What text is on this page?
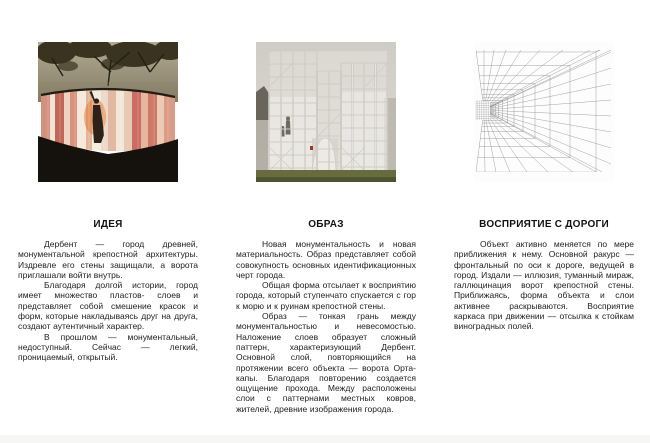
ИДЕЯ

Дербент — город древней, монументальной крепостной архитектуры. Издревле его стены защищали, а ворота приглашали войти внутрь.

Благодаря долгой истории, город имеет множество пластов- слоев и представляет собой смешение красок и форм, которые накладываясь друг на друга, создают аутентичный характер.

В прошлом — монументальный, недоступный. Сейчас — легкий, проницаемый, открытый.

ОБРАЗ

Новая монументальность и новая материальность. Образ представляет собой совокупность основных идентификационных черт города.

Общая форма отсылает к восприятию города, который ступенчато спускается с гор к морю и к руинам крепостной стены.

Образ — тонкая грань между монументальностью и невесомостью. Наложение слоев образует сложный паттерн, характеризующий Дербент. Основной слой, повторяющийся на протяжении всего объекта — ворота Орта- капы. Благодаря повторению создается ощущение прохода. Между расположены слои с паттернами местных ковров, жителей, древние изображения города.

ВОСПРИЯТИЕ С ДОРОГИ

Объект активно меняется по мере приближения к нему. Основной ракурс —фронтальный по оси к дороге, ведущей в город. Издали — иллюзия, туманный мираж, галлюцинация ворот крепостной стены. Приближаясь, форма объекта и слои активнее раскрываются. Восприятие каркаса при движении — отсылка к стойкам виноградных полей.
